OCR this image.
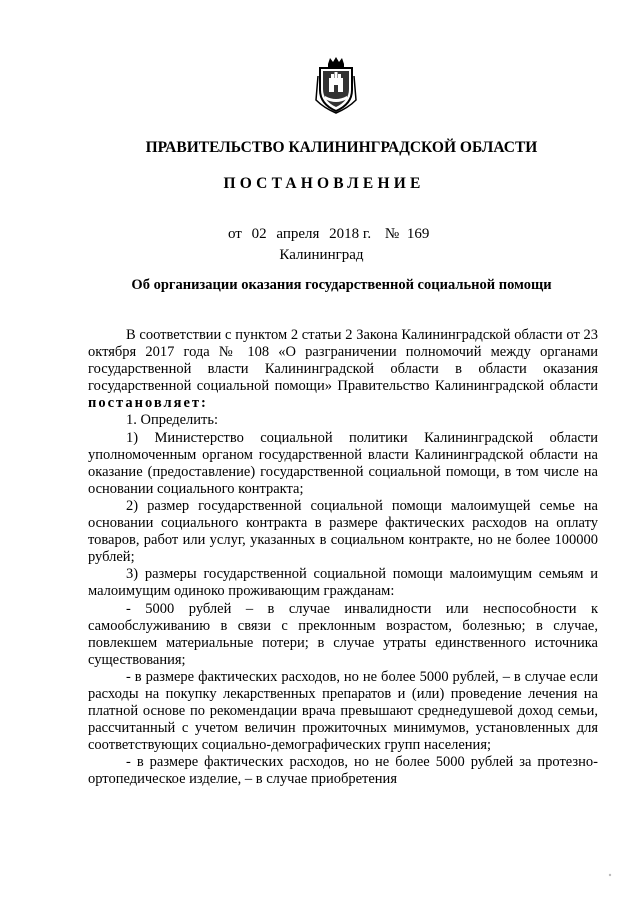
ПРАВИТЕЛЬСТВО КАЛИНИНГРАДСКОЙ ОБЛАСТИ
ПОСТАНОВЛЕНИЕ
от 02 апреля 2018 г. № 169
Калининград
Об организации оказания государственной социальной помощи

В соответствии с пунктом 2 статьи 2 Закона Калининградской области от 23 октября 2017 года № 108 «О разграничении полномочий между органами государственной власти Калининградской области в области оказания государственной социальной помощи» Правительство Калининградской области постановляет:

1. Определить:

1) Министерство социальной политики Калининградской области уполномоченным органом государственной власти Калининградской области на оказание (предоставление) государственной социальной помощи, в том числе на основании социального контракта;

2) размер государственной социальной помощи малоимущей семье на основании социального контракта в размере фактических расходов на оплату товаров, работ или услуг, указанных в социальном контракте, но не более 100000 рублей;

3) размеры государственной социальной помощи малоимущим семьям и малоимущим одиноко проживающим гражданам:

- 5000 рублей – в случае инвалидности или неспособности к самообслуживанию в связи с преклонным возрастом, болезнью; в случае, повлекшем материальные потери; в случае утраты единственного источника существования;

- в размере фактических расходов, но не более 5000 рублей, – в случае если расходы на покупку лекарственных препаратов и (или) проведение лечения на платной основе по рекомендации врача превышают среднедушевой доход семьи, рассчитанный с учетом величин прожиточных минимумов, установленных для соответствующих социально-демографических групп населения;

- в размере фактических расходов, но не более 5000 рублей за протезно-ортопедическое изделие, – в случае приобретения
